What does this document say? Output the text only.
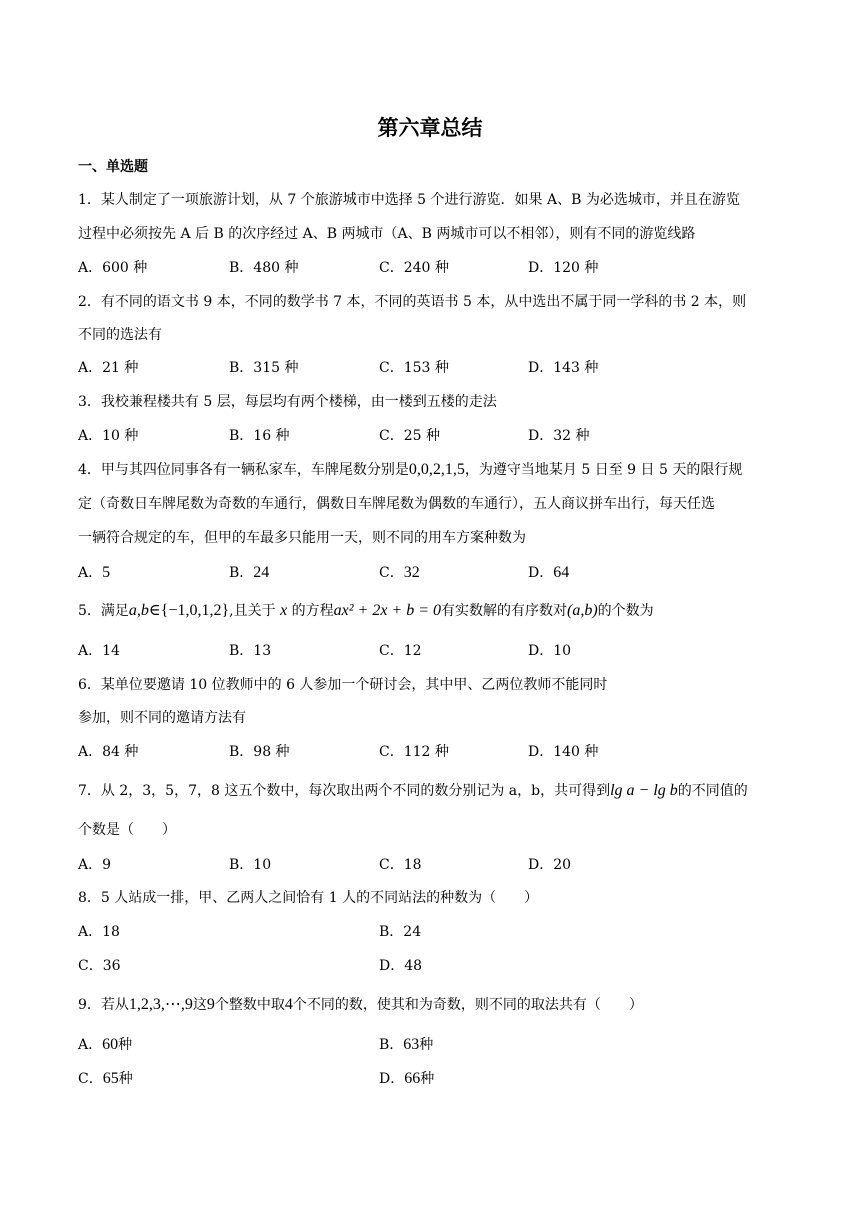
第六章总结
一、单选题
1．某人制定了一项旅游计划，从 7 个旅游城市中选择 5 个进行游览．如果 A、B 为必选城市，并且在游览
过程中必须按先 A 后 B 的次序经过 A、B 两城市（A、B 两城市可以不相邻），则有不同的游览线路
A．600 种	B．480 种	C．240 种	D．120 种
2．有不同的语文书 9 本，不同的数学书 7 本，不同的英语书 5 本，从中选出不属于同一学科的书 2 本，则
不同的选法有
A．21 种	B．315 种	C．153 种	D．143 种
3．我校兼程楼共有 5 层，每层均有两个楼梯，由一楼到五楼的走法
A．10 种	B．16 种	C．25 种	D．32 种
4．甲与其四位同事各有一辆私家车，车牌尾数分别是0,0,2,1,5，为遵守当地某月 5 日至 9 日 5 天的限行规
定（奇数日车牌尾数为奇数的车通行，偶数日车牌尾数为偶数的车通行），五人商议拼车出行，每天任选
一辆符合规定的车，但甲的车最多只能用一天，则不同的用车方案种数为
A．5	B．24	C．32	D．64
5．满足a,b∈{−1,0,1,2},且关于 x 的方程ax² + 2x + b = 0有实数解的有序数对(a,b)的个数为
A．14	B．13	C．12	D．10
6．某单位要邀请 10 位教师中的 6 人参加一个研讨会，其中甲、乙两位教师不能同时
参加，则不同的邀请方法有
A．84 种	B．98 种	C．112 种	D．140 种
7．从 2，3，5，7，8 这五个数中，每次取出两个不同的数分别记为 a，b，共可得到lg a − lg b的不同值的
个数是（　　）
A．9	B．10	C．18	D．20
8．5 人站成一排，甲、乙两人之间恰有 1 人的不同站法的种数为（　　）
A．18	B．24
C．36	D．48
9．若从1,2,3,⋯,9这9个整数中取4个不同的数，使其和为奇数，则不同的取法共有（　　）
A．60种	B．63种
C．65种	D．66种
